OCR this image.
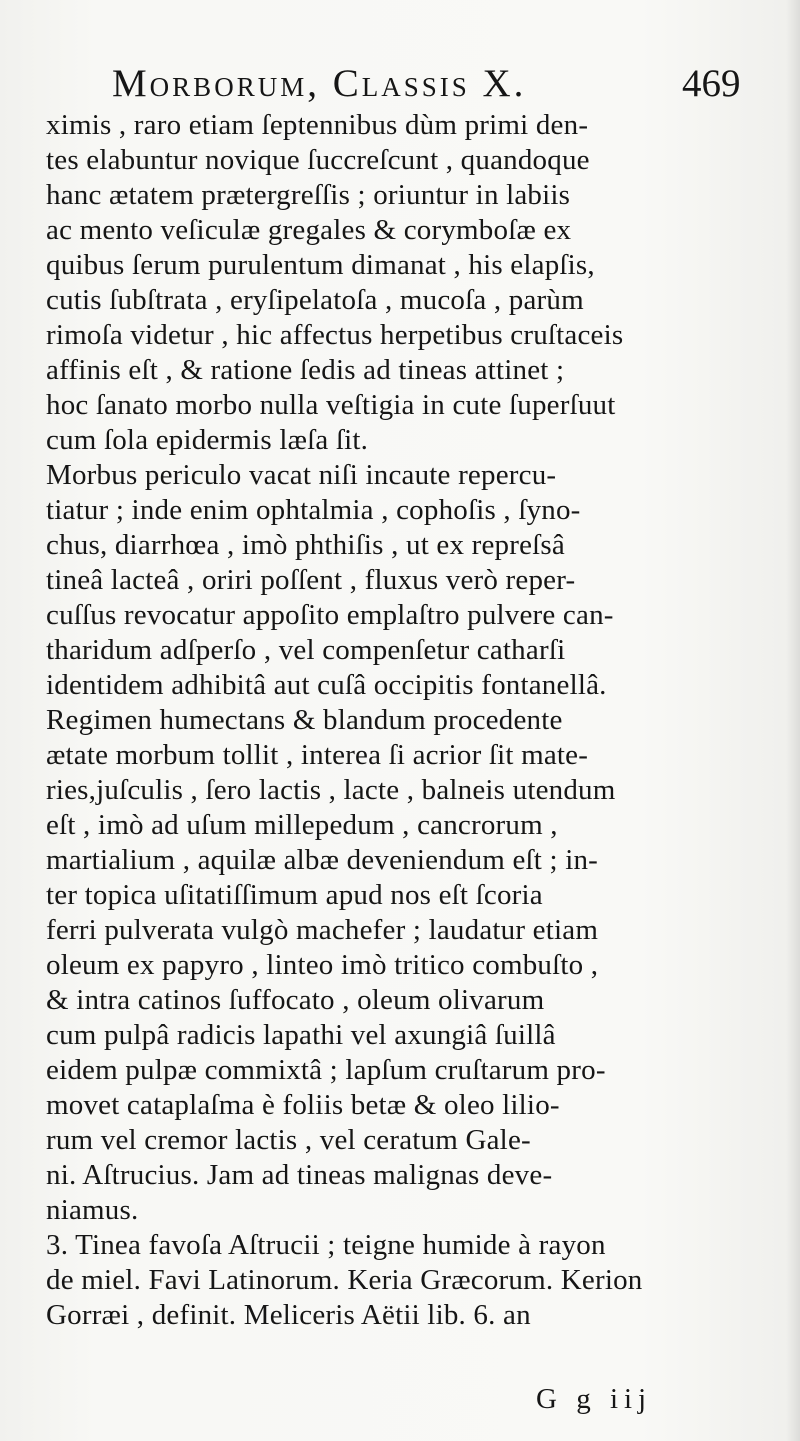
Morborum, Classis X.	469
ximis , raro etiam ſeptennibus dùm primi den-
tes elabuntur novique ſuccreſcunt , quandoque
hanc ætatem prætergreſſis ; oriuntur in labiis
ac mento veſiculæ gregales & corymboſæ ex
quibus ſerum purulentum dimanat , his elapſis,
cutis ſubſtrata , eryſipelatoſa , mucoſa , parùm
rimoſa videtur , hic affectus herpetibus cruſtaceis
affinis eſt , & ratione ſedis ad tineas attinet ;
hoc ſanato morbo nulla veſtigia in cute ſuperſuut
cum ſola epidermis læſa ſit.
Morbus periculo vacat niſi incaute repercu-
tiatur ; inde enim ophtalmia , cophoſis , ſyno-
chus, diarrhœa , imò phthiſis , ut ex repreſsâ
tineâ lacteâ , oriri poſſent , fluxus verò reper-
cuſſus revocatur appoſito emplaſtro pulvere can-
tharidum adſperſo , vel compenſetur catharſi
identidem adhibitâ aut cuſâ occipitis fontanellâ.
Regimen humectans & blandum procedente
ætate morbum tollit , interea ſi acrior ſit mate-
ries,juſculis , ſero lactis , lacte , balneis utendum
eſt , imò ad uſum millepedum , cancrorum ,
martialium , aquilæ albæ deveniendum eſt ; in-
ter topica uſitatiſſimum apud nos eſt ſcoria
ferri pulverata vulgò machefer ; laudatur etiam
oleum ex papyro , linteo imò tritico combuſto ,
& intra catinos ſuffocato , oleum olivarum
cum pulpâ radicis lapathi vel axungiâ ſuillâ
eidem pulpæ commixtâ ; lapſum cruſtarum pro-
movet cataplaſma è foliis betæ & oleo lilio-
rum vel cremor lactis , vel ceratum Gale-
ni. Aſtrucius. Jam ad tineas malignas deve-
niamus.
3. Tinea favoſa Aſtrucii ; teigne humide à rayon
de miel. Favi Latinorum. Keria Græcorum. Kerion
Gorræi , definit. Meliceris Aëtii lib. 6. an
G g iij
